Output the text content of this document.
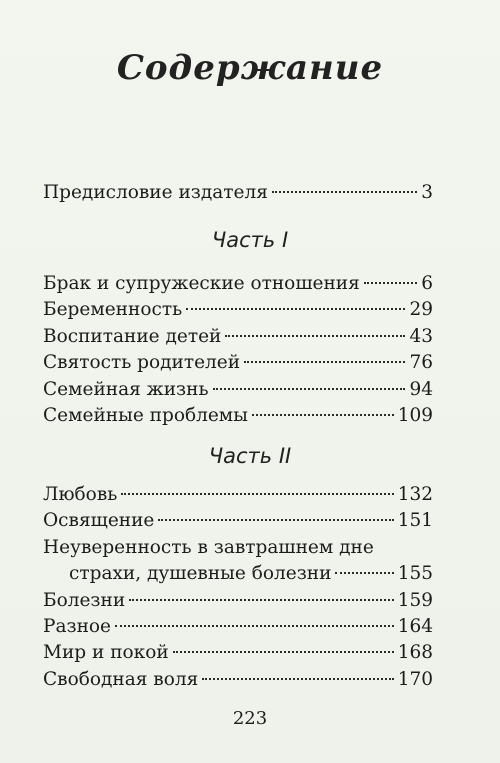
Содержание
Предисловие издателя	3
Часть I
Брак и супружеские отношения	6
Беременность	29
Воспитание детей	43
Святость родителей	76
Семейная жизнь	94
Семейные проблемы	109
Часть II
Любовь	132
Освящение	151
Неуверенность в завтрашнем дне
страхи, душевные болезни	155
Болезни	159
Разное	164
Мир и покой	168
Свободная воля	170
223
